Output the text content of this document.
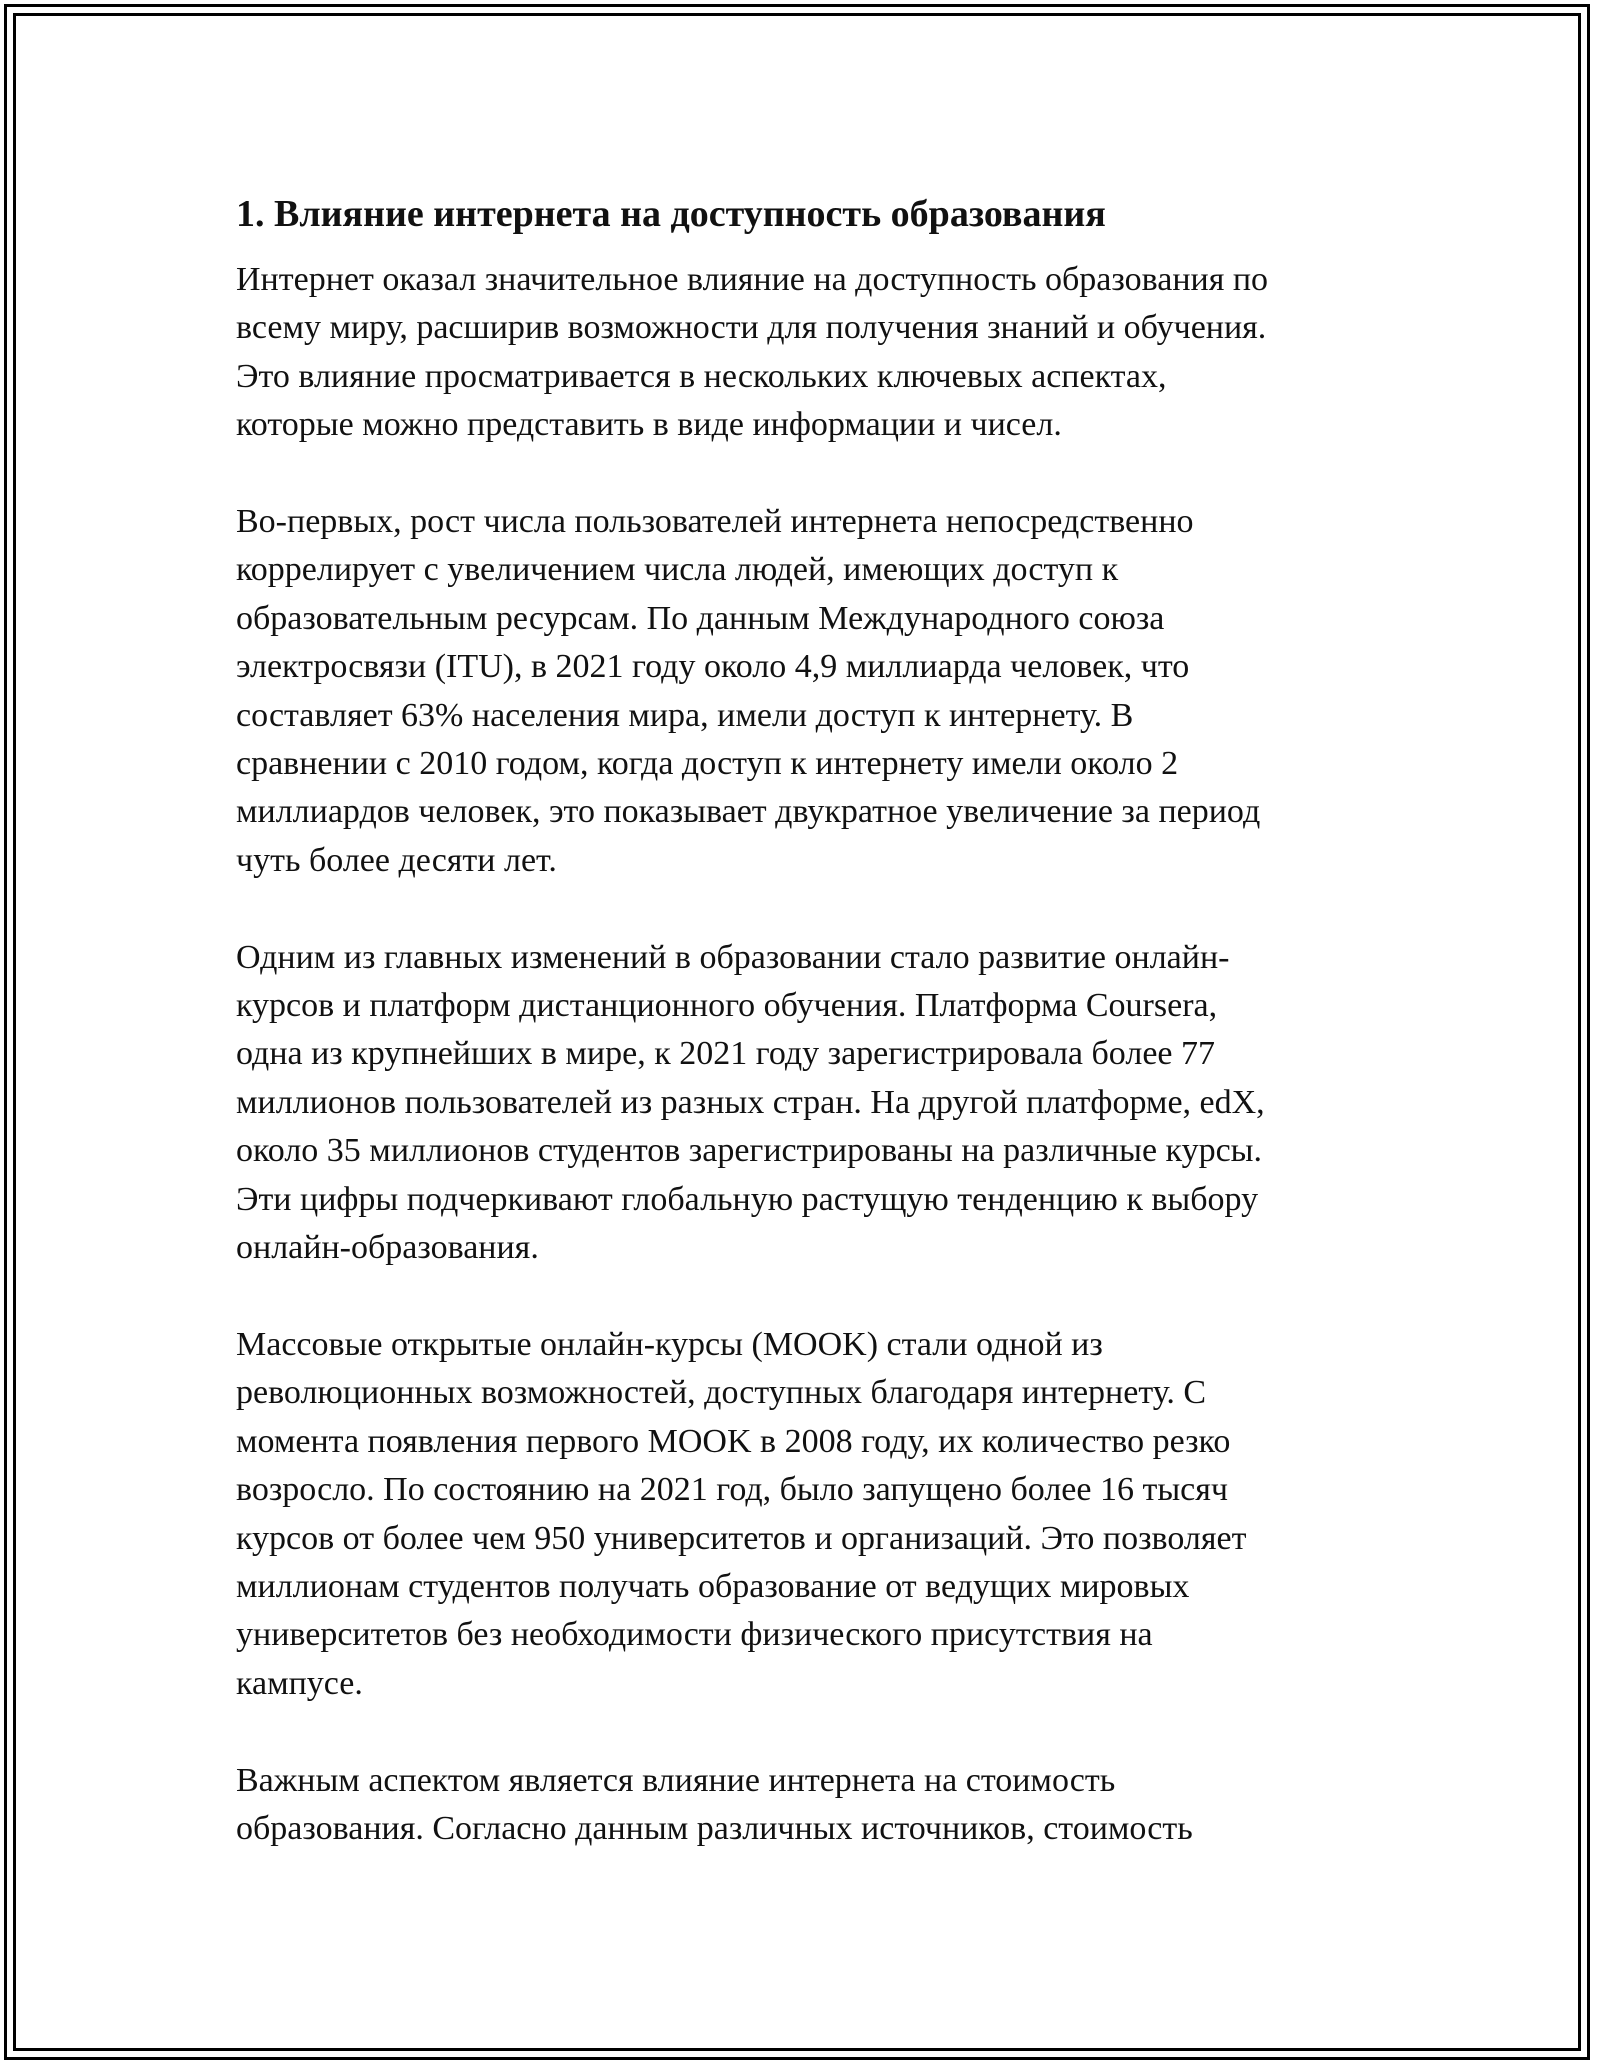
1. Влияние интернета на доступность образования

Интернет оказал значительное влияние на доступность образования по
всему миру, расширив возможности для получения знаний и обучения.
Это влияние просматривается в нескольких ключевых аспектах,
которые можно представить в виде информации и чисел.

Во-первых, рост числа пользователей интернета непосредственно
коррелирует с увеличением числа людей, имеющих доступ к
образовательным ресурсам. По данным Международного союза
электросвязи (ITU), в 2021 году около 4,9 миллиарда человек, что
составляет 63% населения мира, имели доступ к интернету. В
сравнении с 2010 годом, когда доступ к интернету имели около 2
миллиардов человек, это показывает двукратное увеличение за период
чуть более десяти лет.

Одним из главных изменений в образовании стало развитие онлайн-
курсов и платформ дистанционного обучения. Платформа Coursera,
одна из крупнейших в мире, к 2021 году зарегистрировала более 77
миллионов пользователей из разных стран. На другой платформе, edX,
около 35 миллионов студентов зарегистрированы на различные курсы.
Эти цифры подчеркивают глобальную растущую тенденцию к выбору
онлайн-образования.

Массовые открытые онлайн-курсы (MOOK) стали одной из
революционных возможностей, доступных благодаря интернету. С
момента появления первого MOOK в 2008 году, их количество резко
возросло. По состоянию на 2021 год, было запущено более 16 тысяч
курсов от более чем 950 университетов и организаций. Это позволяет
миллионам студентов получать образование от ведущих мировых
университетов без необходимости физического присутствия на
кампусе.

Важным аспектом является влияние интернета на стоимость
образования. Согласно данным различных источников, стоимость
